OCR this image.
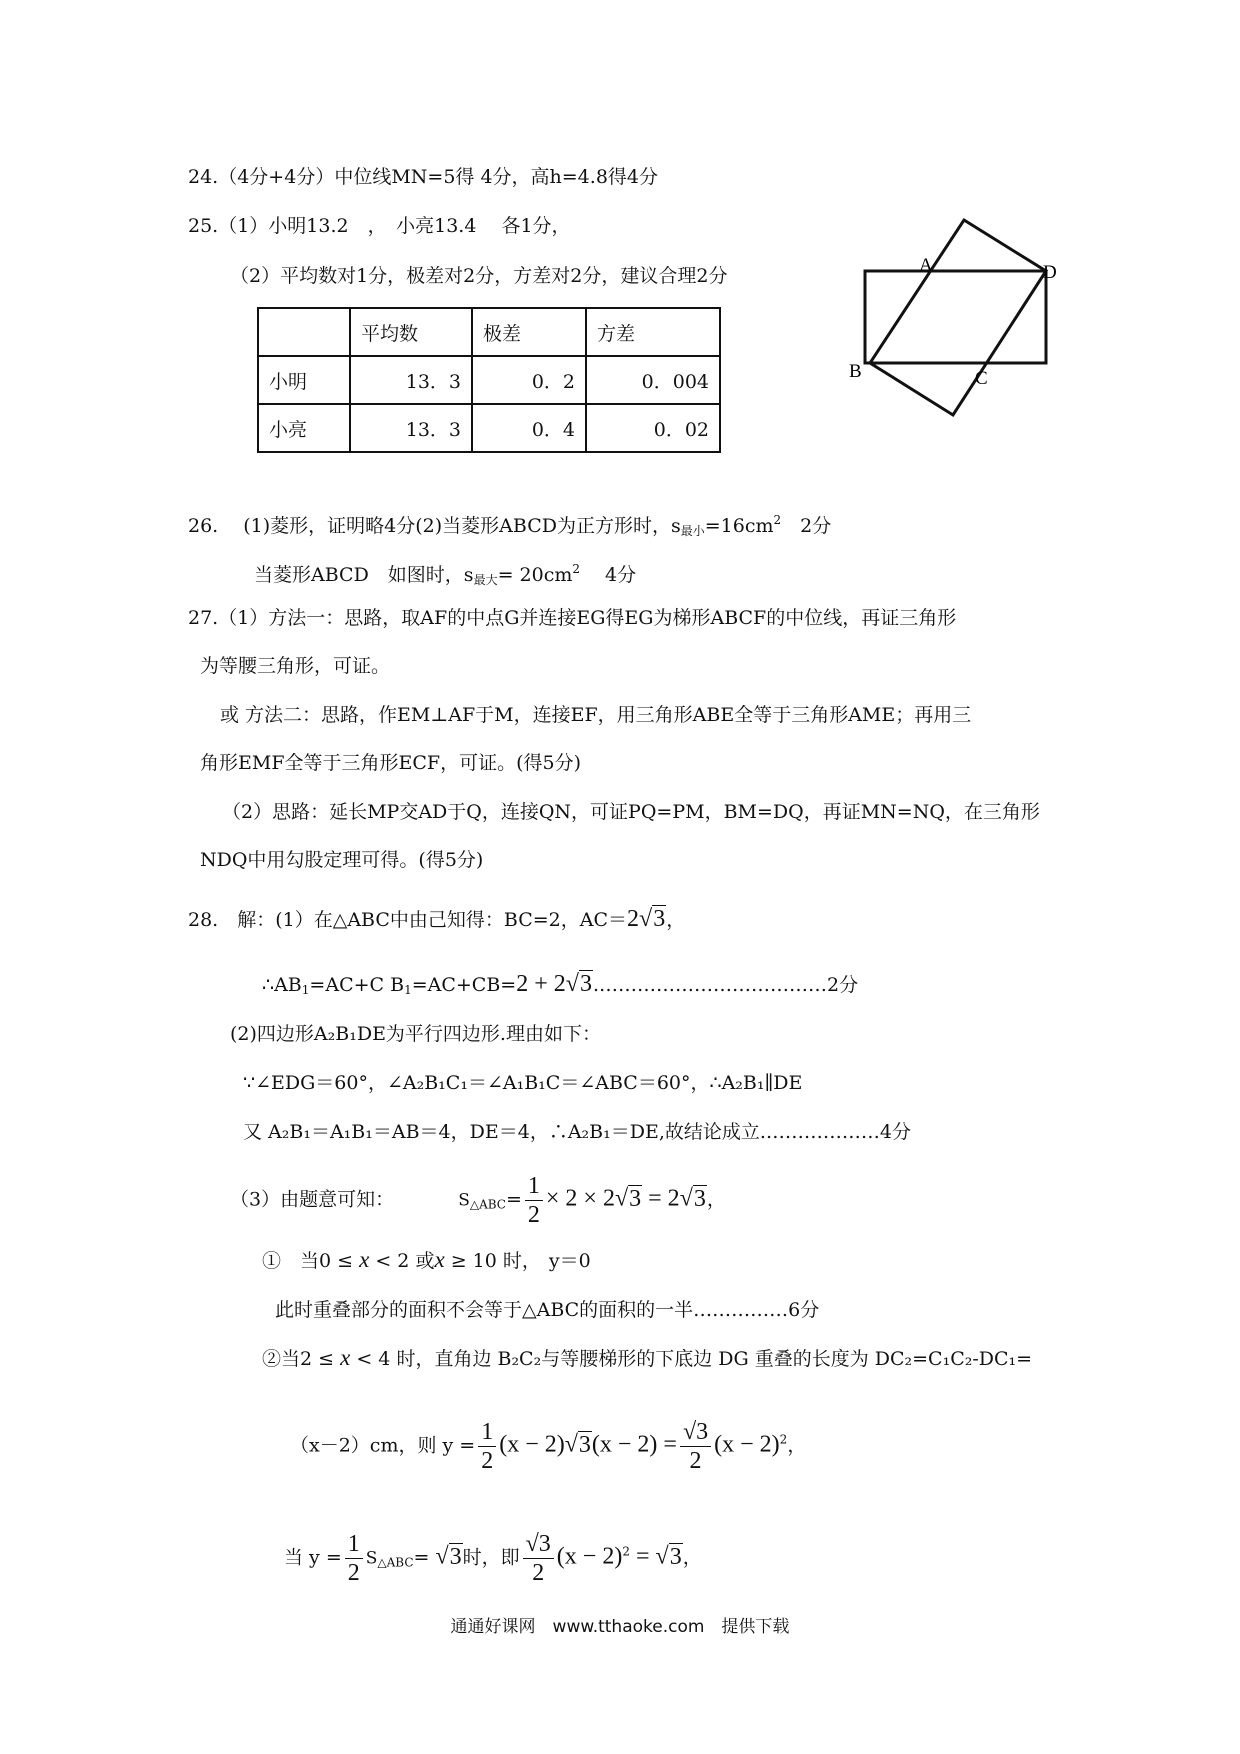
24.（4分+4分）中位线MN=5得 4分，高h=4.8得4分
25.（1）小明13.2　，　小亮13.4　 各1分，
（2）平均数对1分，极差对2分，方差对2分，建议合理2分
	平均数	极差	方差
小明	13．3	0．2	0．004
小亮	13．3	0．4	0．02
A	D
B	C
26.　 (1)菱形，证明略4分(2)当菱形ABCD为正方形时，$s_{最小}=16cm^2$　2分
当菱形ABCD　如图时，$s_{最大}= 20cm^2$　 4分
27.（1）方法一：思路，取AF的中点G并连接EG得EG为梯形ABCF的中位线，再证三角形
为等腰三角形，可证。
或 方法二：思路，作EM⊥AF于M，连接EF，用三角形ABE全等于三角形AME；再用三
角形EMF全等于三角形ECF，可证。(得5分)
（2）思路：延长MP交AD于Q，连接QN，可证PQ=PM，BM=DQ，再证MN=NQ，在三角形
NDQ中用勾股定理可得。(得5分)
28.　解：(1）在△ABC中由己知得：BC=2，AC＝2√3，
$\therefore AB_1=AC+C$ $B_1=AC+CB=2$ + 2√3.………………………………2分
(2)四边形A₂B₁DE为平行四边形.理由如下：
∵∠EDG＝60°，∠A₂B₁C₁＝∠A₁B₁C＝∠ABC＝60°，∴A₂B₁∥DE
又 A₂B₁＝A₁B₁＝AB＝4，DE＝4，∴A₂B₁＝DE,故结论成立.………………4分
（3）由题意可知：	$S_{\triangle ABC}= \frac{1}{2} \times 2 \times 2√3 = 2√3$，
①　当0 ≤ x < 2 或x ≥ 10 时， y＝0
此时重叠部分的面积不会等于△ABC的面积的一半……………6分
②当2 ≤ x < 4 时，直角边 B₂C₂与等腰梯形的下底边 DG 重叠的长度为 DC₂=C₁C₂-DC₁=
（x－2）cm，则 $y = \frac{1}{2} (x - 2)√3(x - 2) = \frac{√3}{2} (x - 2)^2$，
当 $y = \frac{1}{2} S_{\triangle ABC}= √3$时，即 $\frac{√3}{2} (x - 2)^2 = √3$，
通通好课网　www.tthaoke.com　提供下载
